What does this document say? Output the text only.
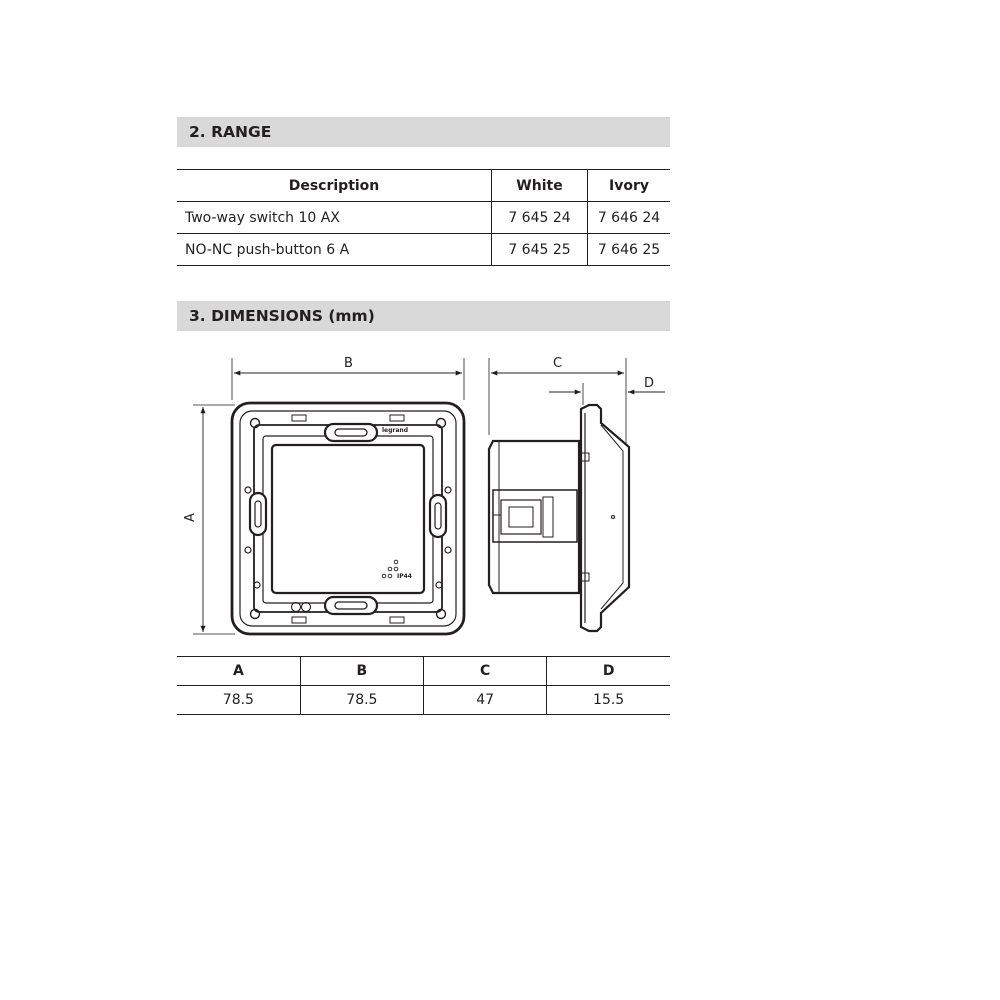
2. RANGE
Description	White	Ivory
Two-way switch 10 AX	7 645 24	7 646 24
NO-NC push-button 6 A	7 645 25	7 646 25
3. DIMENSIONS (mm)
legrand
IP44
B
A
C
D
A	B	C	D
78.5	78.5	47	15.5
